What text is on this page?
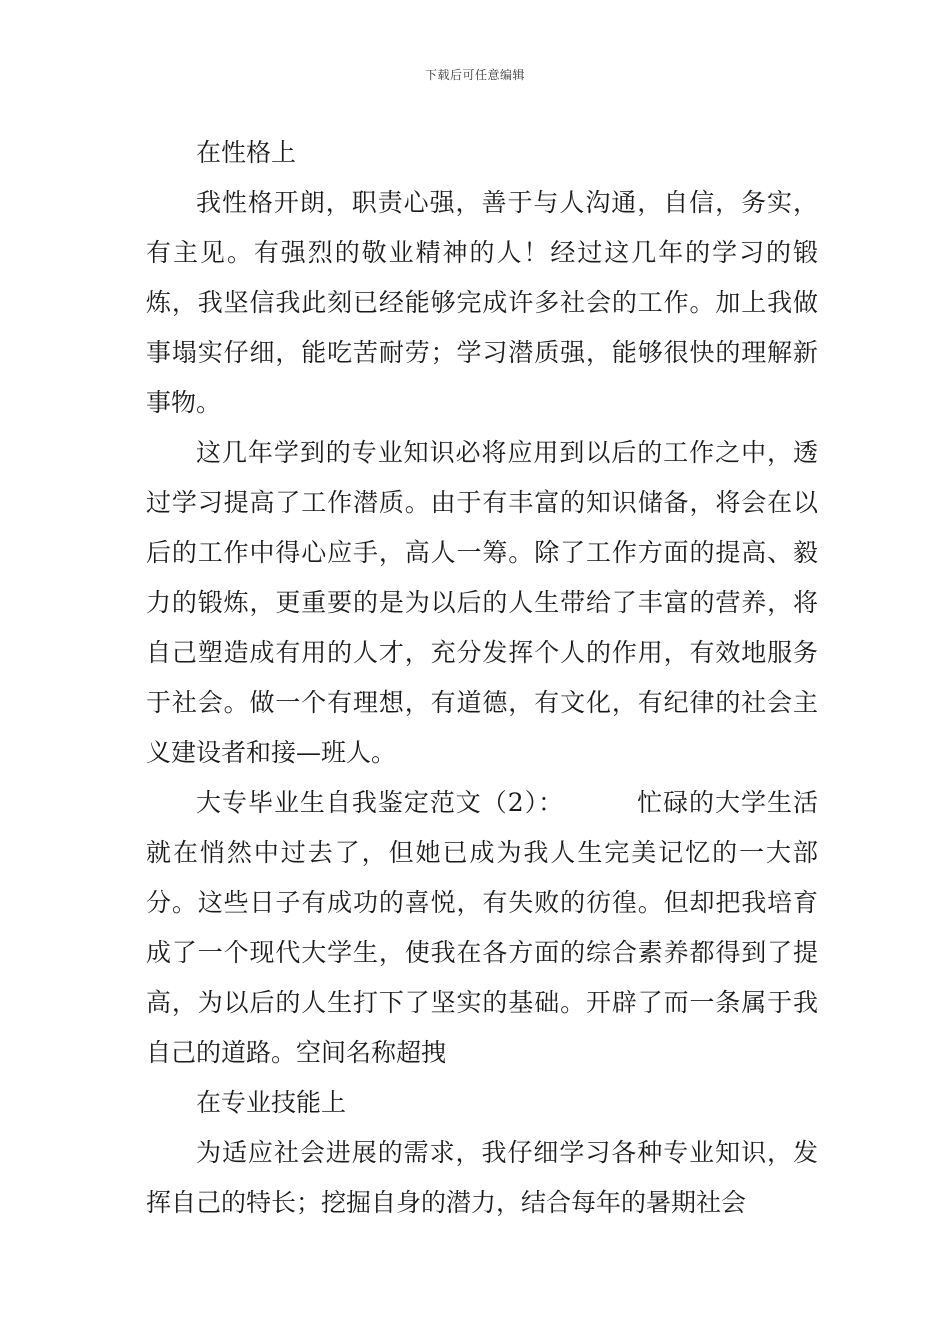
下载后可任意编辑

在性格上

我性格开朗，职责心强，善于与人沟通，自信，务实，有主见。有强烈的敬业精神的人！经过这几年的学习的锻炼，我坚信我此刻已经能够完成许多社会的工作。加上我做事塌实仔细，能吃苦耐劳；学习潜质强，能够很快的理解新事物。

这几年学到的专业知识必将应用到以后的工作之中，透过学习提高了工作潜质。由于有丰富的知识储备，将会在以后的工作中得心应手，高人一筹。除了工作方面的提高、毅力的锻炼，更重要的是为以后的人生带给了丰富的营养，将自己塑造成有用的人才，充分发挥个人的作用，有效地服务于社会。做一个有理想，有道德，有文化，有纪律的社会主义建设者和接—班人。

大专毕业生自我鉴定范文（2）：	忙碌的大学生活就在悄然中过去了，但她已成为我人生完美记忆的一大部分。这些日子有成功的喜悦，有失败的彷徨。但却把我培育成了一个现代大学生，使我在各方面的综合素养都得到了提高，为以后的人生打下了坚实的基础。开辟了而一条属于我自己的道路。空间名称超拽

在专业技能上

为适应社会进展的需求，我仔细学习各种专业知识，发挥自己的特长；挖掘自身的潜力，结合每年的暑期社会
